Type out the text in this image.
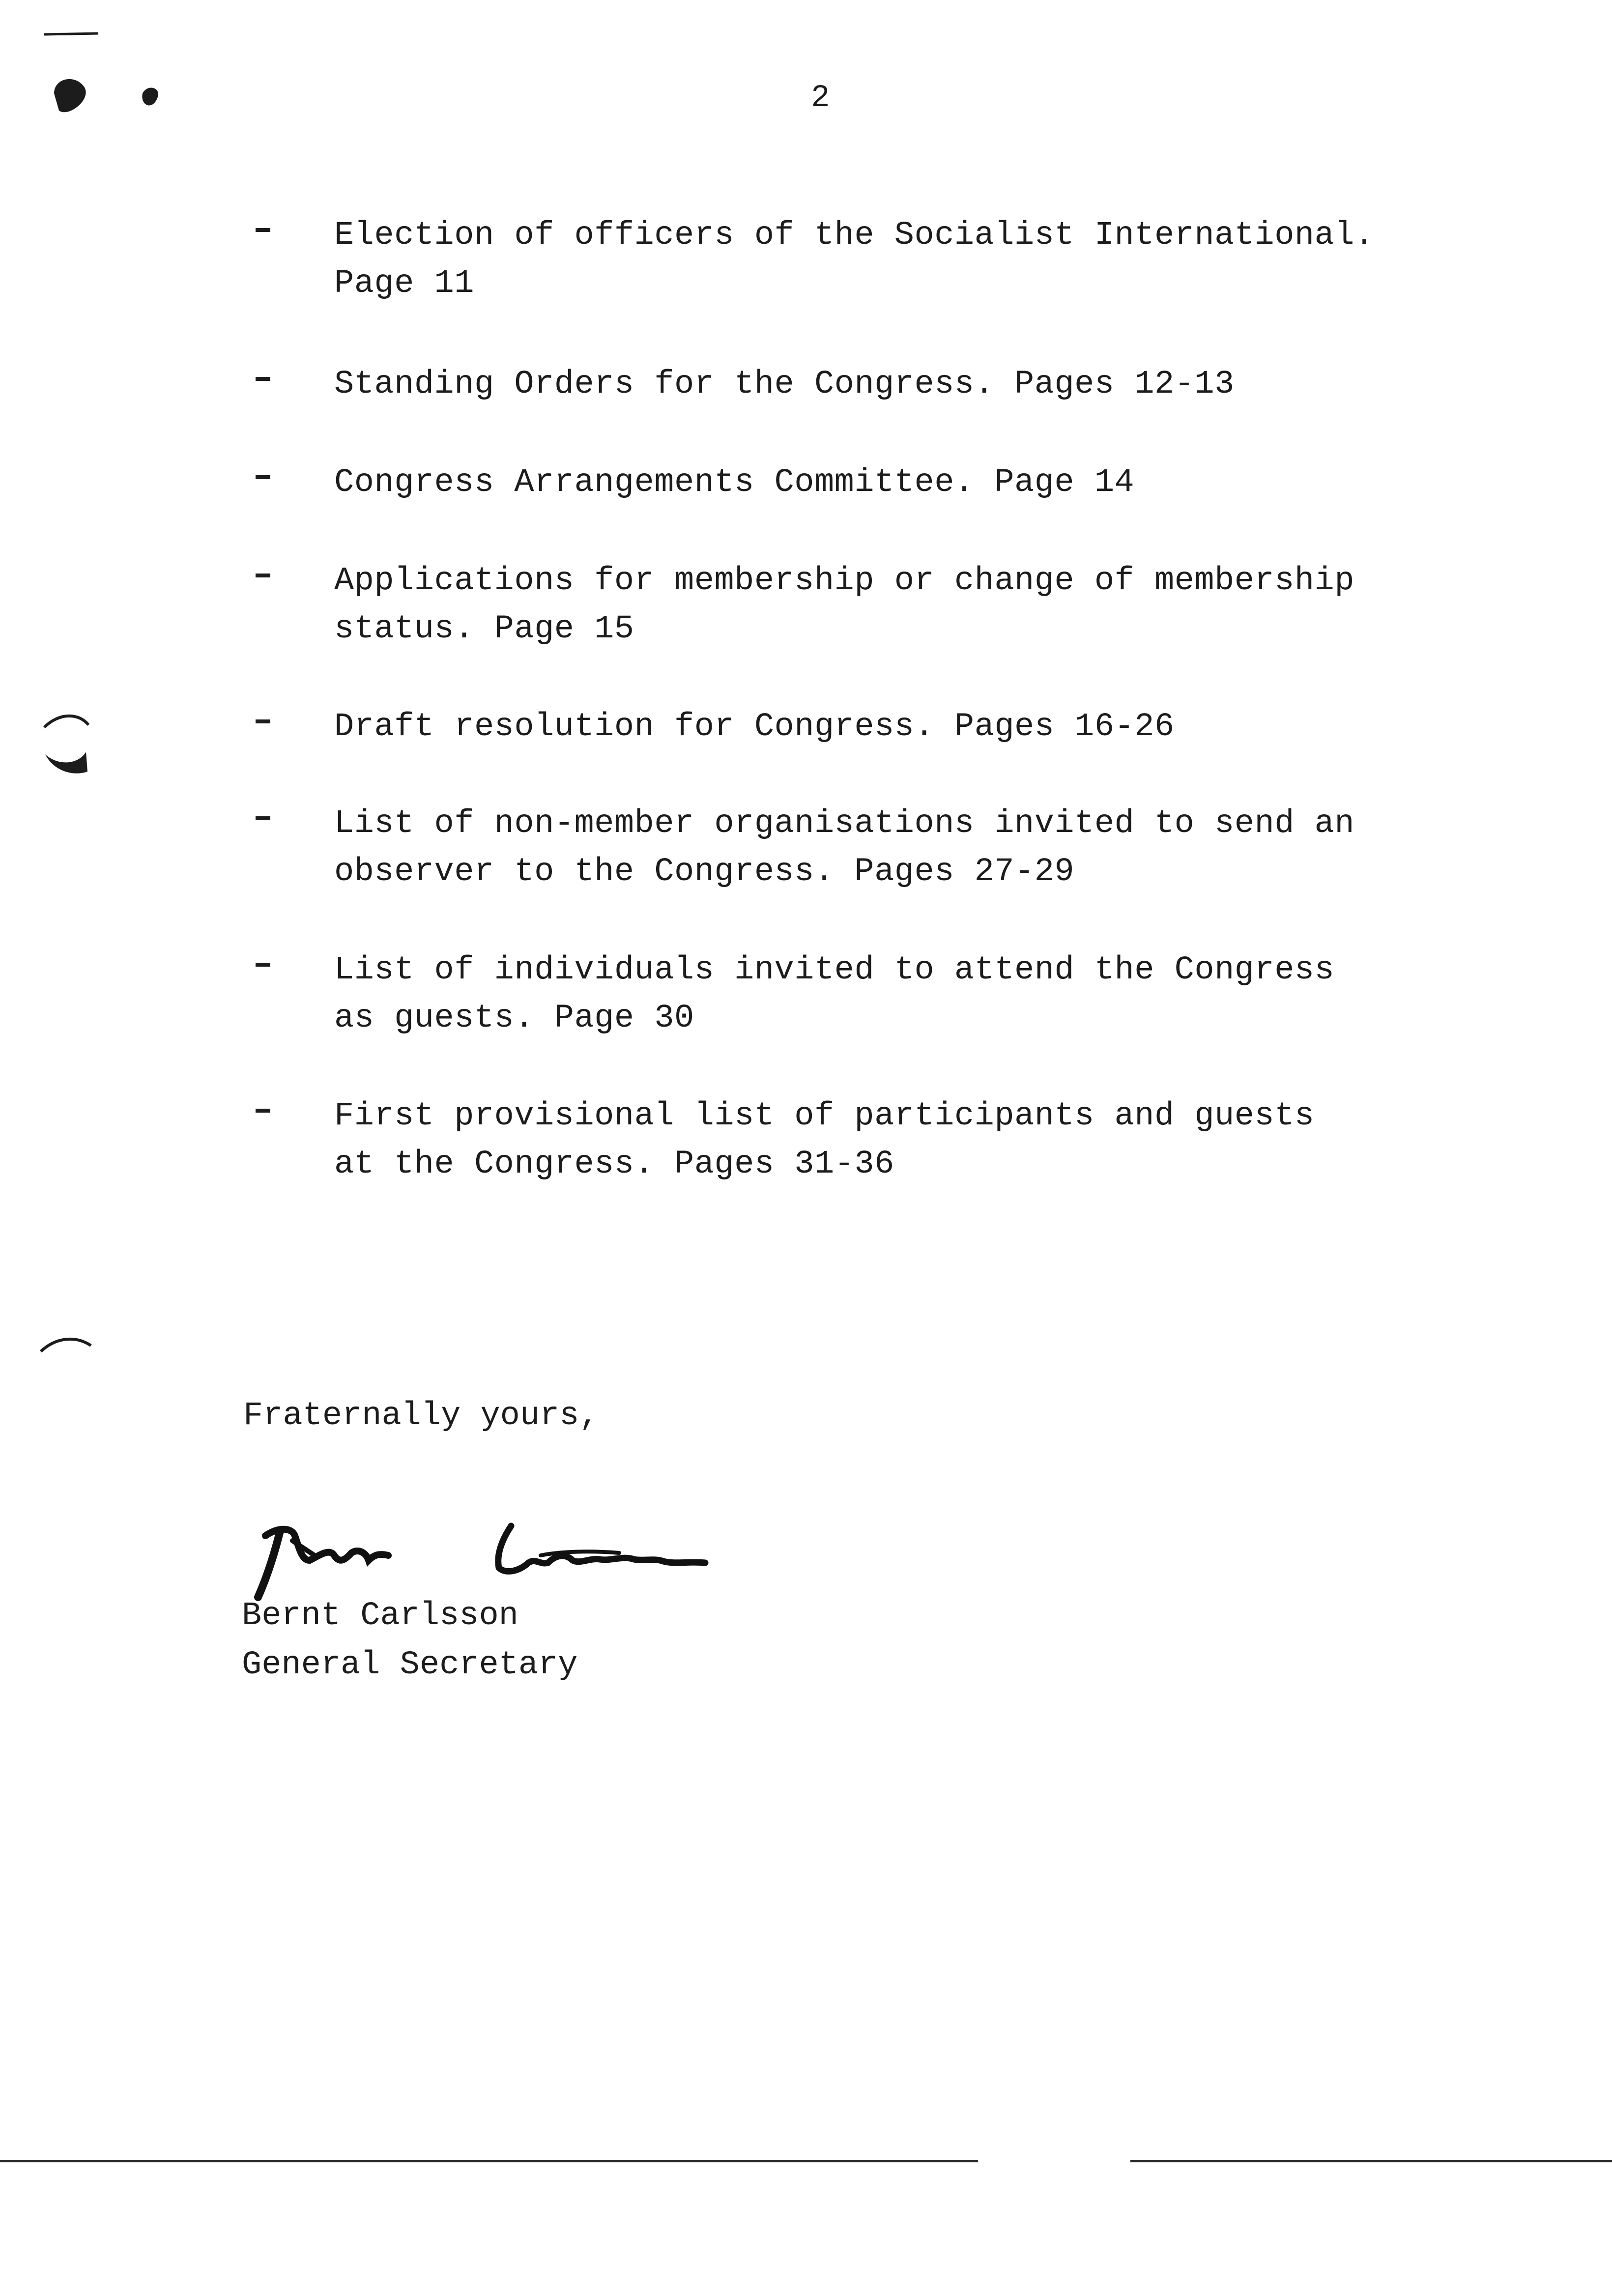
2
Election of officers of the Socialist International.
Page 11
Standing Orders for the Congress. Pages 12-13
Congress Arrangements Committee. Page 14
Applications for membership or change of membership
status. Page 15
Draft resolution for Congress. Pages 16-26
List of non-member organisations invited to send an
observer to the Congress. Pages 27-29
List of individuals invited to attend the Congress
as guests. Page 30
First provisional list of participants and guests
at the Congress. Pages 31-36
Fraternally yours,
Bernt Carlsson
General Secretary
